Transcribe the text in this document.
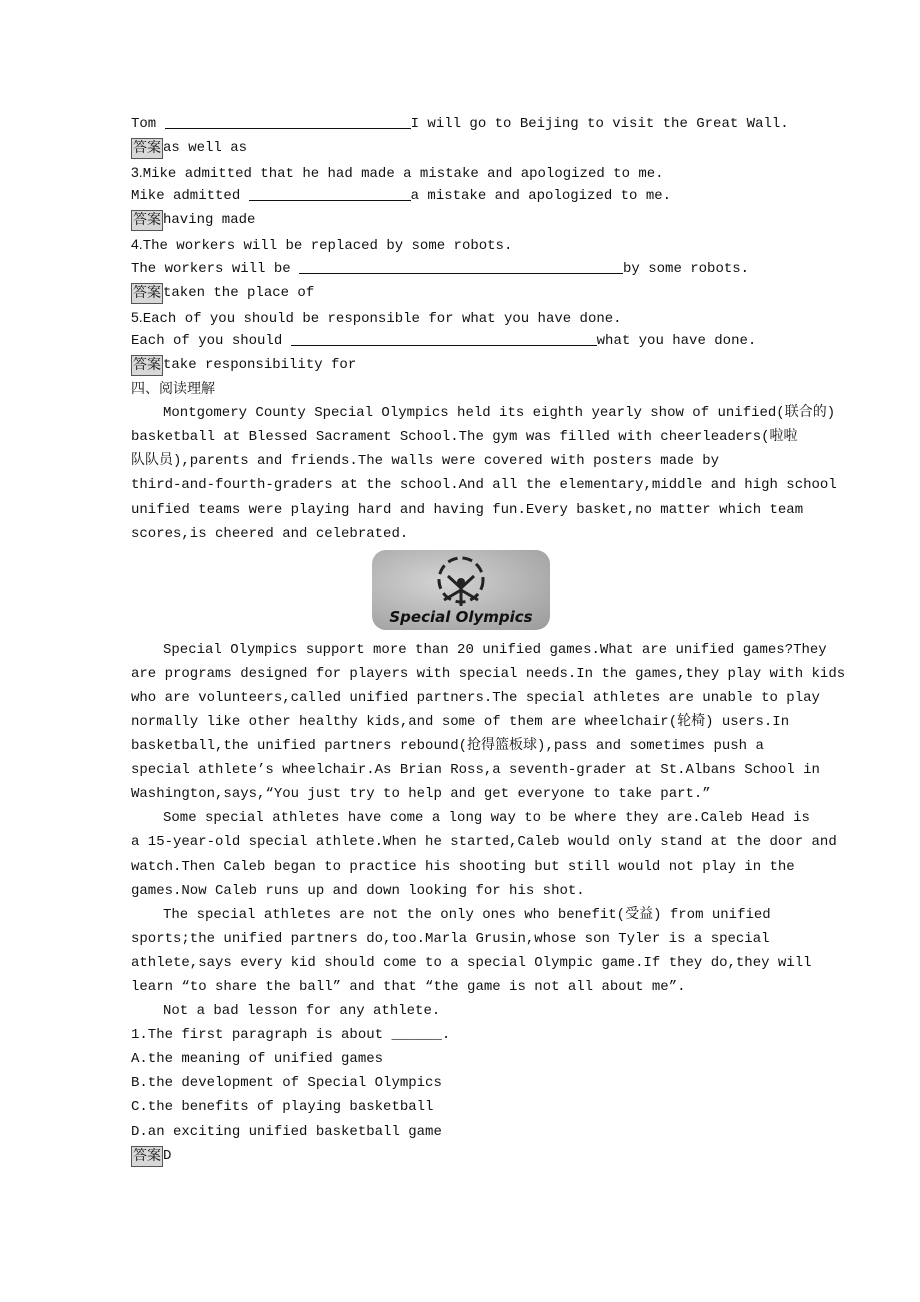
Tom	I will go to Beijing to visit the Great Wall.
答案 as well as
3.Mike admitted that he had made a mistake and apologized to me.
Mike admitted	a mistake and apologized to me.
答案 having made
4.The workers will be replaced by some robots.
The workers will be	by some robots.
答案 taken the place of
5.Each of you should be responsible for what you have done.
Each of you should	what you have done.
答案 take responsibility for
四、阅读理解
Montgomery County Special Olympics held its eighth yearly show of unified(联合的)
basketball at Blessed Sacrament School.The gym was filled with cheerleaders(啦啦
队队员),parents and friends.The walls were covered with posters made by
third-and-fourth-graders at the school.And all the elementary,middle and high school
unified teams were playing hard and having fun.Every basket,no matter which team
scores,is cheered and celebrated.
Special Olympics
Special Olympics support more than 20 unified games.What are unified games?They
are programs designed for players with special needs.In the games,they play with kids
who are volunteers,called unified partners.The special athletes are unable to play
normally like other healthy kids,and some of them are wheelchair(轮椅) users.In
basketball,the unified partners rebound(抢得篮板球),pass and sometimes push a
special athlete’s wheelchair.As Brian Ross,a seventh-grader at St.Albans School in
Washington,says,“You just try to help and get everyone to take part.”
Some special athletes have come a long way to be where they are.Caleb Head is
a 15-year-old special athlete.When he started,Caleb would only stand at the door and
watch.Then Caleb began to practice his shooting but still would not play in the
games.Now Caleb runs up and down looking for his shot.
The special athletes are not the only ones who benefit(受益) from unified
sports;the unified partners do,too.Marla Grusin,whose son Tyler is a special
athlete,says every kid should come to a special Olympic game.If they do,they will
learn “to share the ball” and that “the game is not all about me”.
Not a bad lesson for any athlete.
1.The first paragraph is about ______.
A.the meaning of unified games
B.the development of Special Olympics
C.the benefits of playing basketball
D.an exciting unified basketball game
答案 D
